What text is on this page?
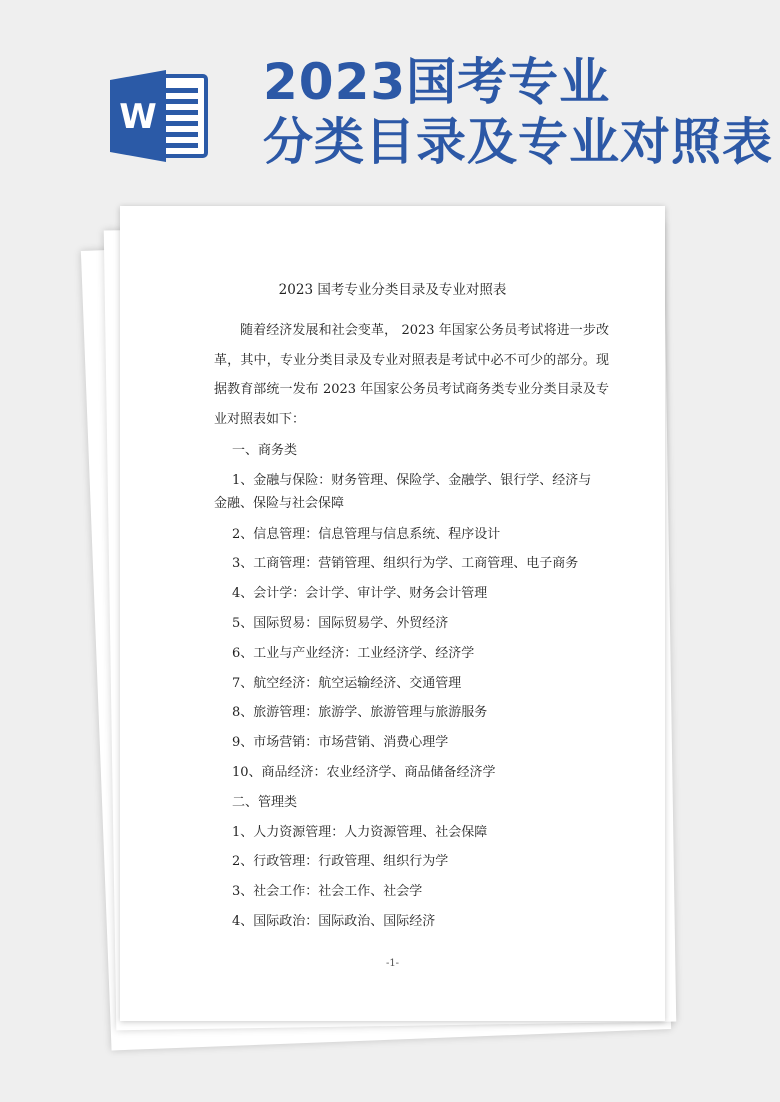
W
2023国考专业
分类目录及专业对照表
2023 国考专业分类目录及专业对照表
随着经济发展和社会变革， 2023 年国家公务员考试将进一步改革，其中，专业分类目录及专业对照表是考试中必不可少的部分。现据教育部统一发布 2023 年国家公务员考试商务类专业分类目录及专业对照表如下：
一、商务类
1、金融与保险：财务管理、保险学、金融学、银行学、经济与
金融、保险与社会保障
2、信息管理：信息管理与信息系统、程序设计
3、工商管理：营销管理、组织行为学、工商管理、电子商务
4、会计学：会计学、审计学、财务会计管理
5、国际贸易：国际贸易学、外贸经济
6、工业与产业经济：工业经济学、经济学
7、航空经济：航空运输经济、交通管理
8、旅游管理：旅游学、旅游管理与旅游服务
9、市场营销：市场营销、消费心理学
10、商品经济：农业经济学、商品储备经济学
二、管理类
1、人力资源管理：人力资源管理、社会保障
2、行政管理：行政管理、组织行为学
3、社会工作：社会工作、社会学
4、国际政治：国际政治、国际经济
-1-
